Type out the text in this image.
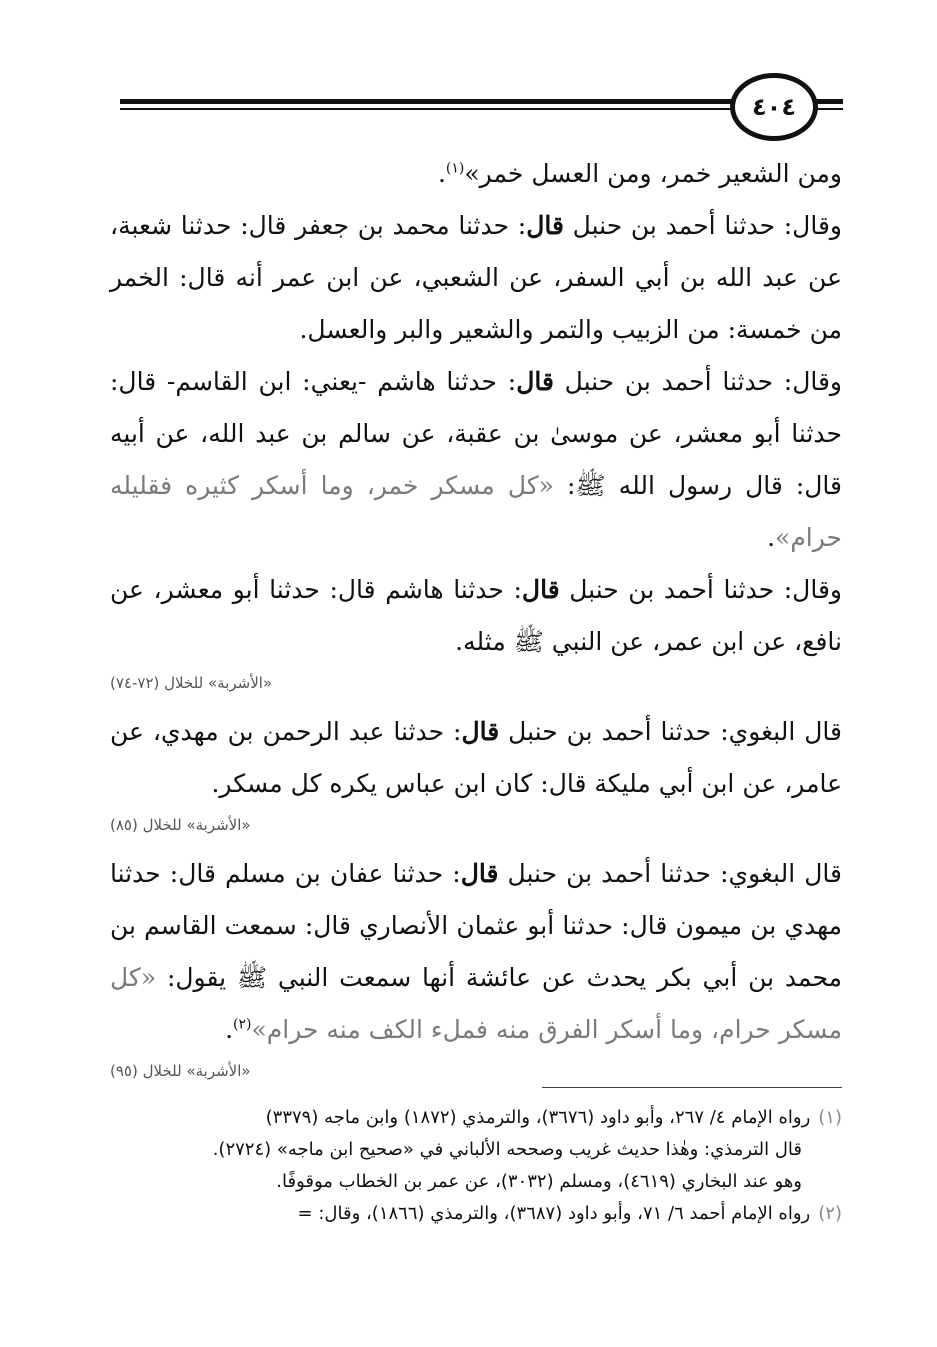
٤٠٤

ومن الشعير خمر، ومن العسل خمر»$^{(١)}$.

وقال: حدثنا أحمد بن حنبل قال: حدثنا محمد بن جعفر قال: حدثنا شعبة، عن عبد الله بن أبي السفر، عن الشعبي، عن ابن عمر أنه قال: الخمر من خمسة: من الزبيب والتمر والشعير والبر والعسل.

وقال: حدثنا أحمد بن حنبل قال: حدثنا هاشم -يعني: ابن القاسم- قال: حدثنا أبو معشر، عن موسىٰ بن عقبة، عن سالم بن عبد الله، عن أبيه قال: قال رسول الله ﷺ: «كل مسكر خمر، وما أسكر كثيره فقليله حرام».

وقال: حدثنا أحمد بن حنبل قال: حدثنا هاشم قال: حدثنا أبو معشر، عن نافع، عن ابن عمر، عن النبي ﷺ مثله.

«الأشربة» للخلال (٧٢-٧٤)

قال البغوي: حدثنا أحمد بن حنبل قال: حدثنا عبد الرحمن بن مهدي، عن عامر، عن ابن أبي مليكة قال: كان ابن عباس يكره كل مسكر.

«الأشربة» للخلال (٨٥)

قال البغوي: حدثنا أحمد بن حنبل قال: حدثنا عفان بن مسلم قال: حدثنا مهدي بن ميمون قال: حدثنا أبو عثمان الأنصاري قال: سمعت القاسم بن محمد بن أبي بكر يحدث عن عائشة أنها سمعت النبي ﷺ يقول: «كل مسكر حرام، وما أسكر الفرق منه فملء الكف منه حرام»$^{(٢)}$.

«الأشربة» للخلال (٩٥)

(١)رواه الإمام ٤/ ٢٦٧، وأبو داود (٣٦٧٦)، والترمذي (١٨٧٢) وابن ماجه (٣٣٧٩)

قال الترمذي: وهٰذا حديث غريب وصححه الألباني في «صحيح ابن ماجه» (٢٧٢٤).

وهو عند البخاري (٤٦١٩)، ومسلم (٣٠٣٢)، عن عمر بن الخطاب موقوفًا.

(٢)رواه الإمام أحمد ٦/ ٧١، وأبو داود (٣٦٨٧)، والترمذي (١٨٦٦)، وقال: =
